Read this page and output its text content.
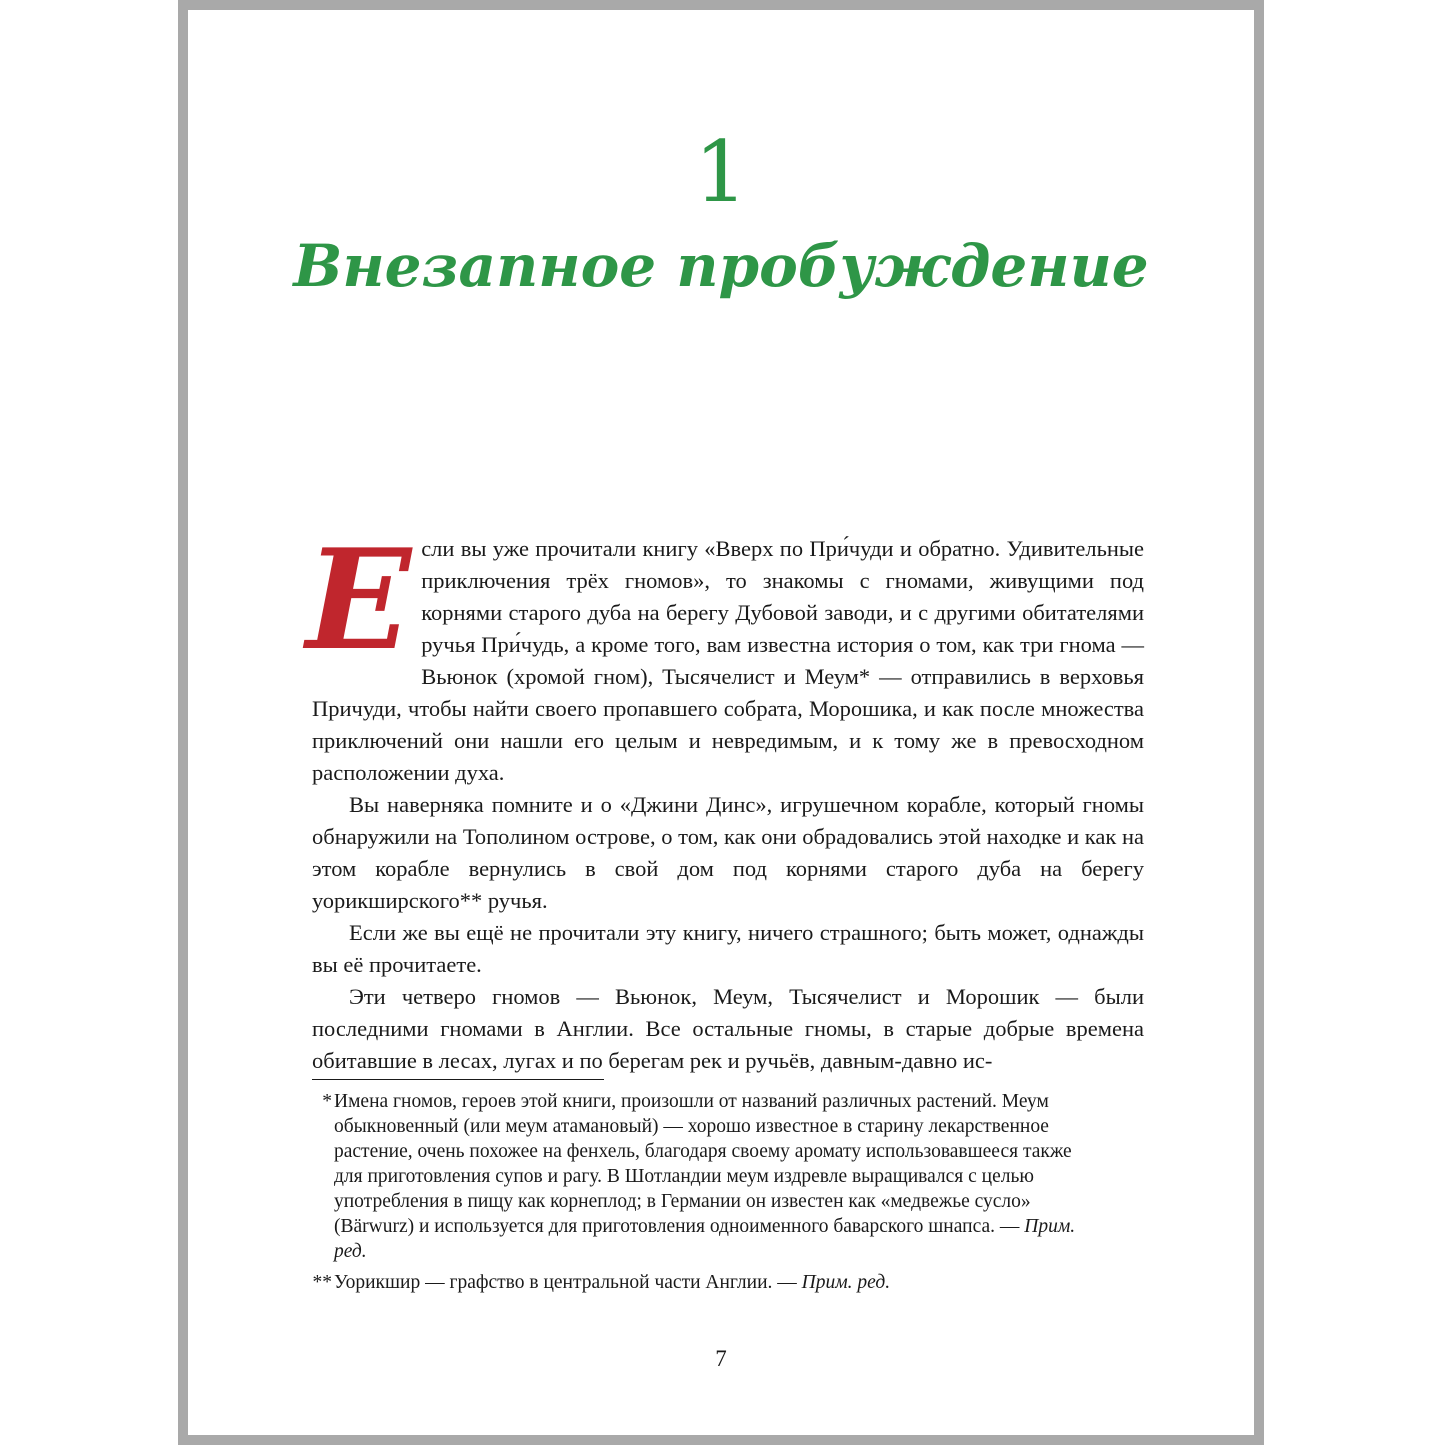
1
Внезапное пробуждение

Если вы уже прочитали книгу «Вверх по При́чуди и обратно. Удивительные приключения трёх гномов», то знакомы с гномами, живущими под корнями старого дуба на берегу Дубовой заводи, и с другими обитателями ручья При́чудь, а кроме того, вам известна история о том, как три гнома — Вьюнок (хромой гном), Тысячелист и Меум* — отправились в верховья Причуди, чтобы найти своего пропавшего собрата, Морошика, и как после множества приключений они нашли его целым и невредимым, и к тому же в превосходном расположении духа.

Вы наверняка помните и о «Джини Динс», игрушечном корабле, который гномы обнаружили на Тополином острове, о том, как они обрадовались этой находке и как на этом корабле вернулись в свой дом под корнями старого дуба на берегу уорикширского** ручья.

Если же вы ещё не прочитали эту книгу, ничего страшного; быть может, однажды вы её прочитаете.

Эти четверо гномов — Вьюнок, Меум, Тысячелист и Морошик — были последними гномами в Англии. Все остальные гномы, в старые добрые времена обитавшие в лесах, лугах и по берегам рек и ручьёв, давным-давно ис-

* Имена гномов, героев этой книги, произошли от названий различных растений. Меум обыкновенный (или меум атамановый) — хорошо известное в старину лекарственное растение, очень похожее на фенхель, благодаря своему аромату использовавшееся также для приготовления супов и рагу. В Шотландии меум издревле выращивался с целью употребления в пищу как корнеплод; в Германии он известен как «медвежье сусло» (Bärwurz) и используется для приготовления одноименного баварского шнапса. — Прим. ред.

** Уорикшир — графство в центральной части Англии. — Прим. ред.

7
